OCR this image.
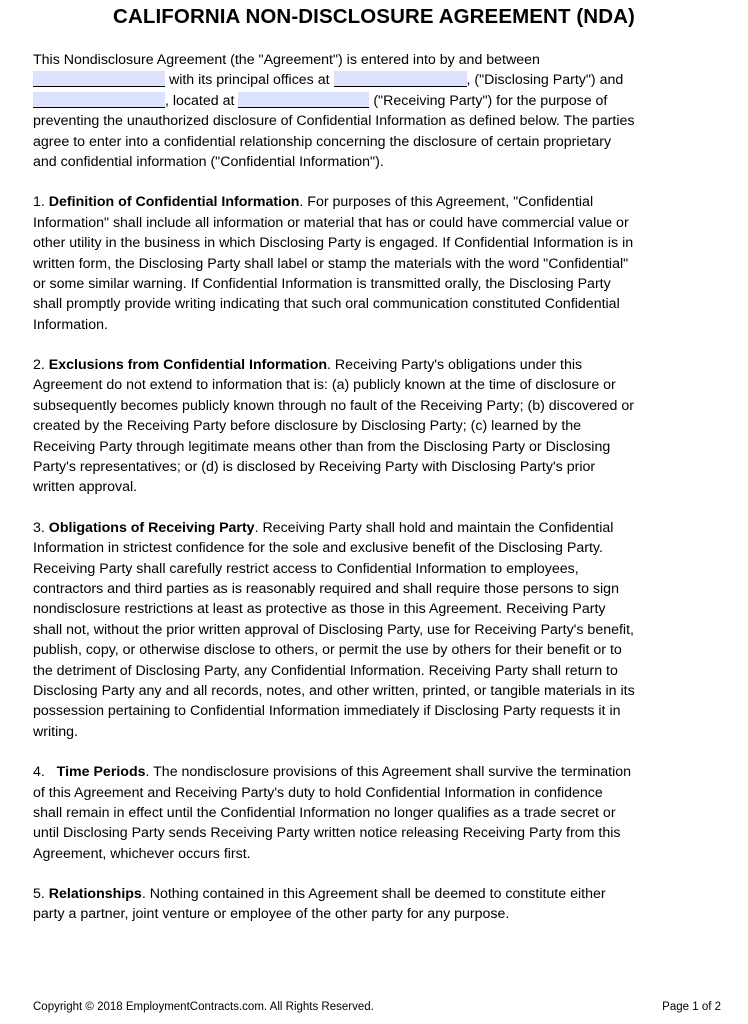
CALIFORNIA NON-DISCLOSURE AGREEMENT (NDA)
This Nondisclosure Agreement (the "Agreement") is entered into by and between
with its principal offices at	, ("Disclosing Party") and
, located at	("Receiving Party") for the purpose of
preventing the unauthorized disclosure of Confidential Information as defined below. The parties
agree to enter into a confidential relationship concerning the disclosure of certain proprietary
and confidential information ("Confidential Information").
1. Definition of Confidential Information. For purposes of this Agreement, "Confidential
Information" shall include all information or material that has or could have commercial value or
other utility in the business in which Disclosing Party is engaged. If Confidential Information is in
written form, the Disclosing Party shall label or stamp the materials with the word "Confidential"
or some similar warning. If Confidential Information is transmitted orally, the Disclosing Party
shall promptly provide writing indicating that such oral communication constituted Confidential
Information.
2. Exclusions from Confidential Information. Receiving Party's obligations under this
Agreement do not extend to information that is: (a) publicly known at the time of disclosure or
subsequently becomes publicly known through no fault of the Receiving Party; (b) discovered or
created by the Receiving Party before disclosure by Disclosing Party; (c) learned by the
Receiving Party through legitimate means other than from the Disclosing Party or Disclosing
Party's representatives; or (d) is disclosed by Receiving Party with Disclosing Party's prior
written approval.
3. Obligations of Receiving Party. Receiving Party shall hold and maintain the Confidential
Information in strictest confidence for the sole and exclusive benefit of the Disclosing Party.
Receiving Party shall carefully restrict access to Confidential Information to employees,
contractors and third parties as is reasonably required and shall require those persons to sign
nondisclosure restrictions at least as protective as those in this Agreement. Receiving Party
shall not, without the prior written approval of Disclosing Party, use for Receiving Party's benefit,
publish, copy, or otherwise disclose to others, or permit the use by others for their benefit or to
the detriment of Disclosing Party, any Confidential Information. Receiving Party shall return to
Disclosing Party any and all records, notes, and other written, printed, or tangible materials in its
possession pertaining to Confidential Information immediately if Disclosing Party requests it in
writing.
4. Time Periods. The nondisclosure provisions of this Agreement shall survive the termination
of this Agreement and Receiving Party's duty to hold Confidential Information in confidence
shall remain in effect until the Confidential Information no longer qualifies as a trade secret or
until Disclosing Party sends Receiving Party written notice releasing Receiving Party from this
Agreement, whichever occurs first.
5. Relationships. Nothing contained in this Agreement shall be deemed to constitute either
party a partner, joint venture or employee of the other party for any purpose.
Copyright © 2018 EmploymentContracts.com. All Rights Reserved.	Page 1 of 2
